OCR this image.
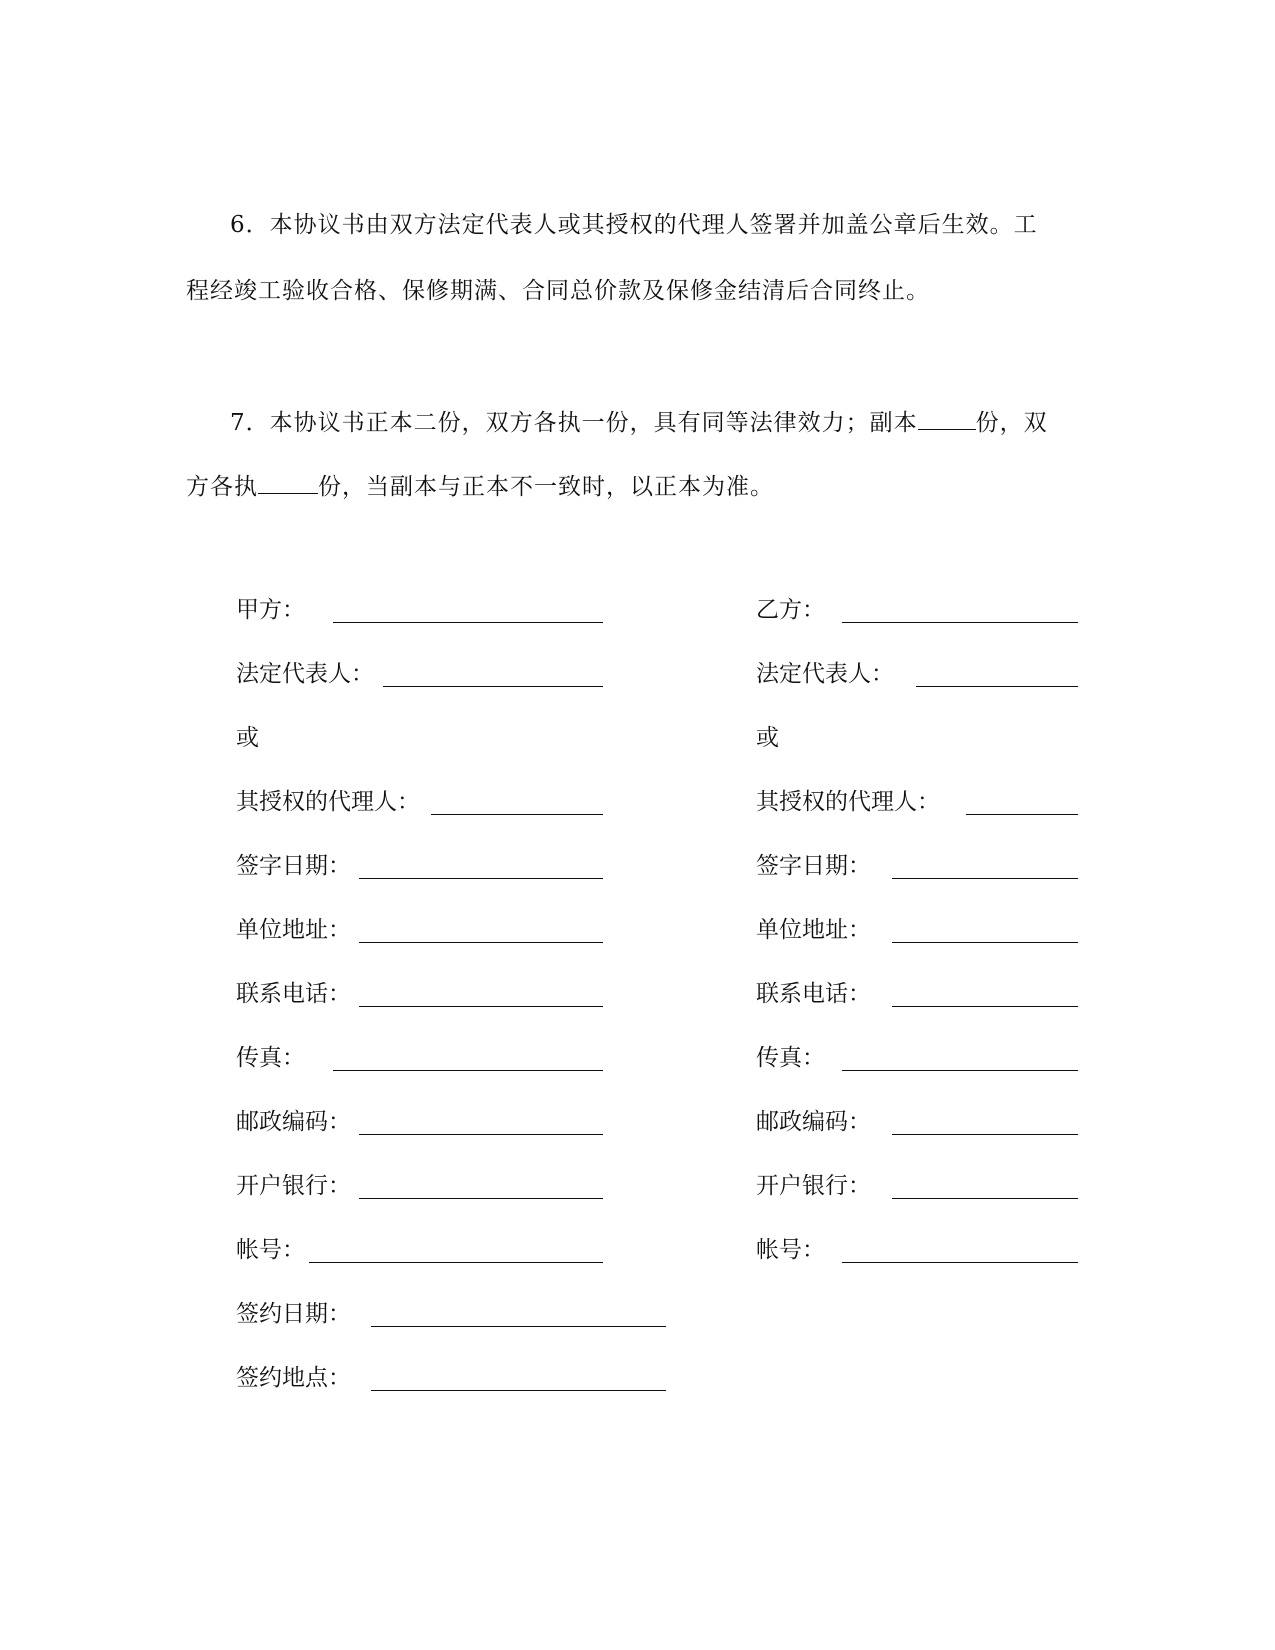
6．本协议书由双方法定代表人或其授权的代理人签署并加盖公章后生效。工
程经竣工验收合格、保修期满、合同总价款及保修金结清后合同终止。
7．本协议书正本二份，双方各执一份，具有同等法律效力；副本	份，双
方各执	份，当副本与正本不一致时，以正本为准。
甲方：
法定代表人：
或
其授权的代理人：
签字日期：
单位地址：
联系电话：
传真：
邮政编码：
开户银行：
帐号：
乙方：
法定代表人：
或
其授权的代理人：
签字日期：
单位地址：
联系电话：
传真：
邮政编码：
开户银行：
帐号：
签约日期：
签约地点：
